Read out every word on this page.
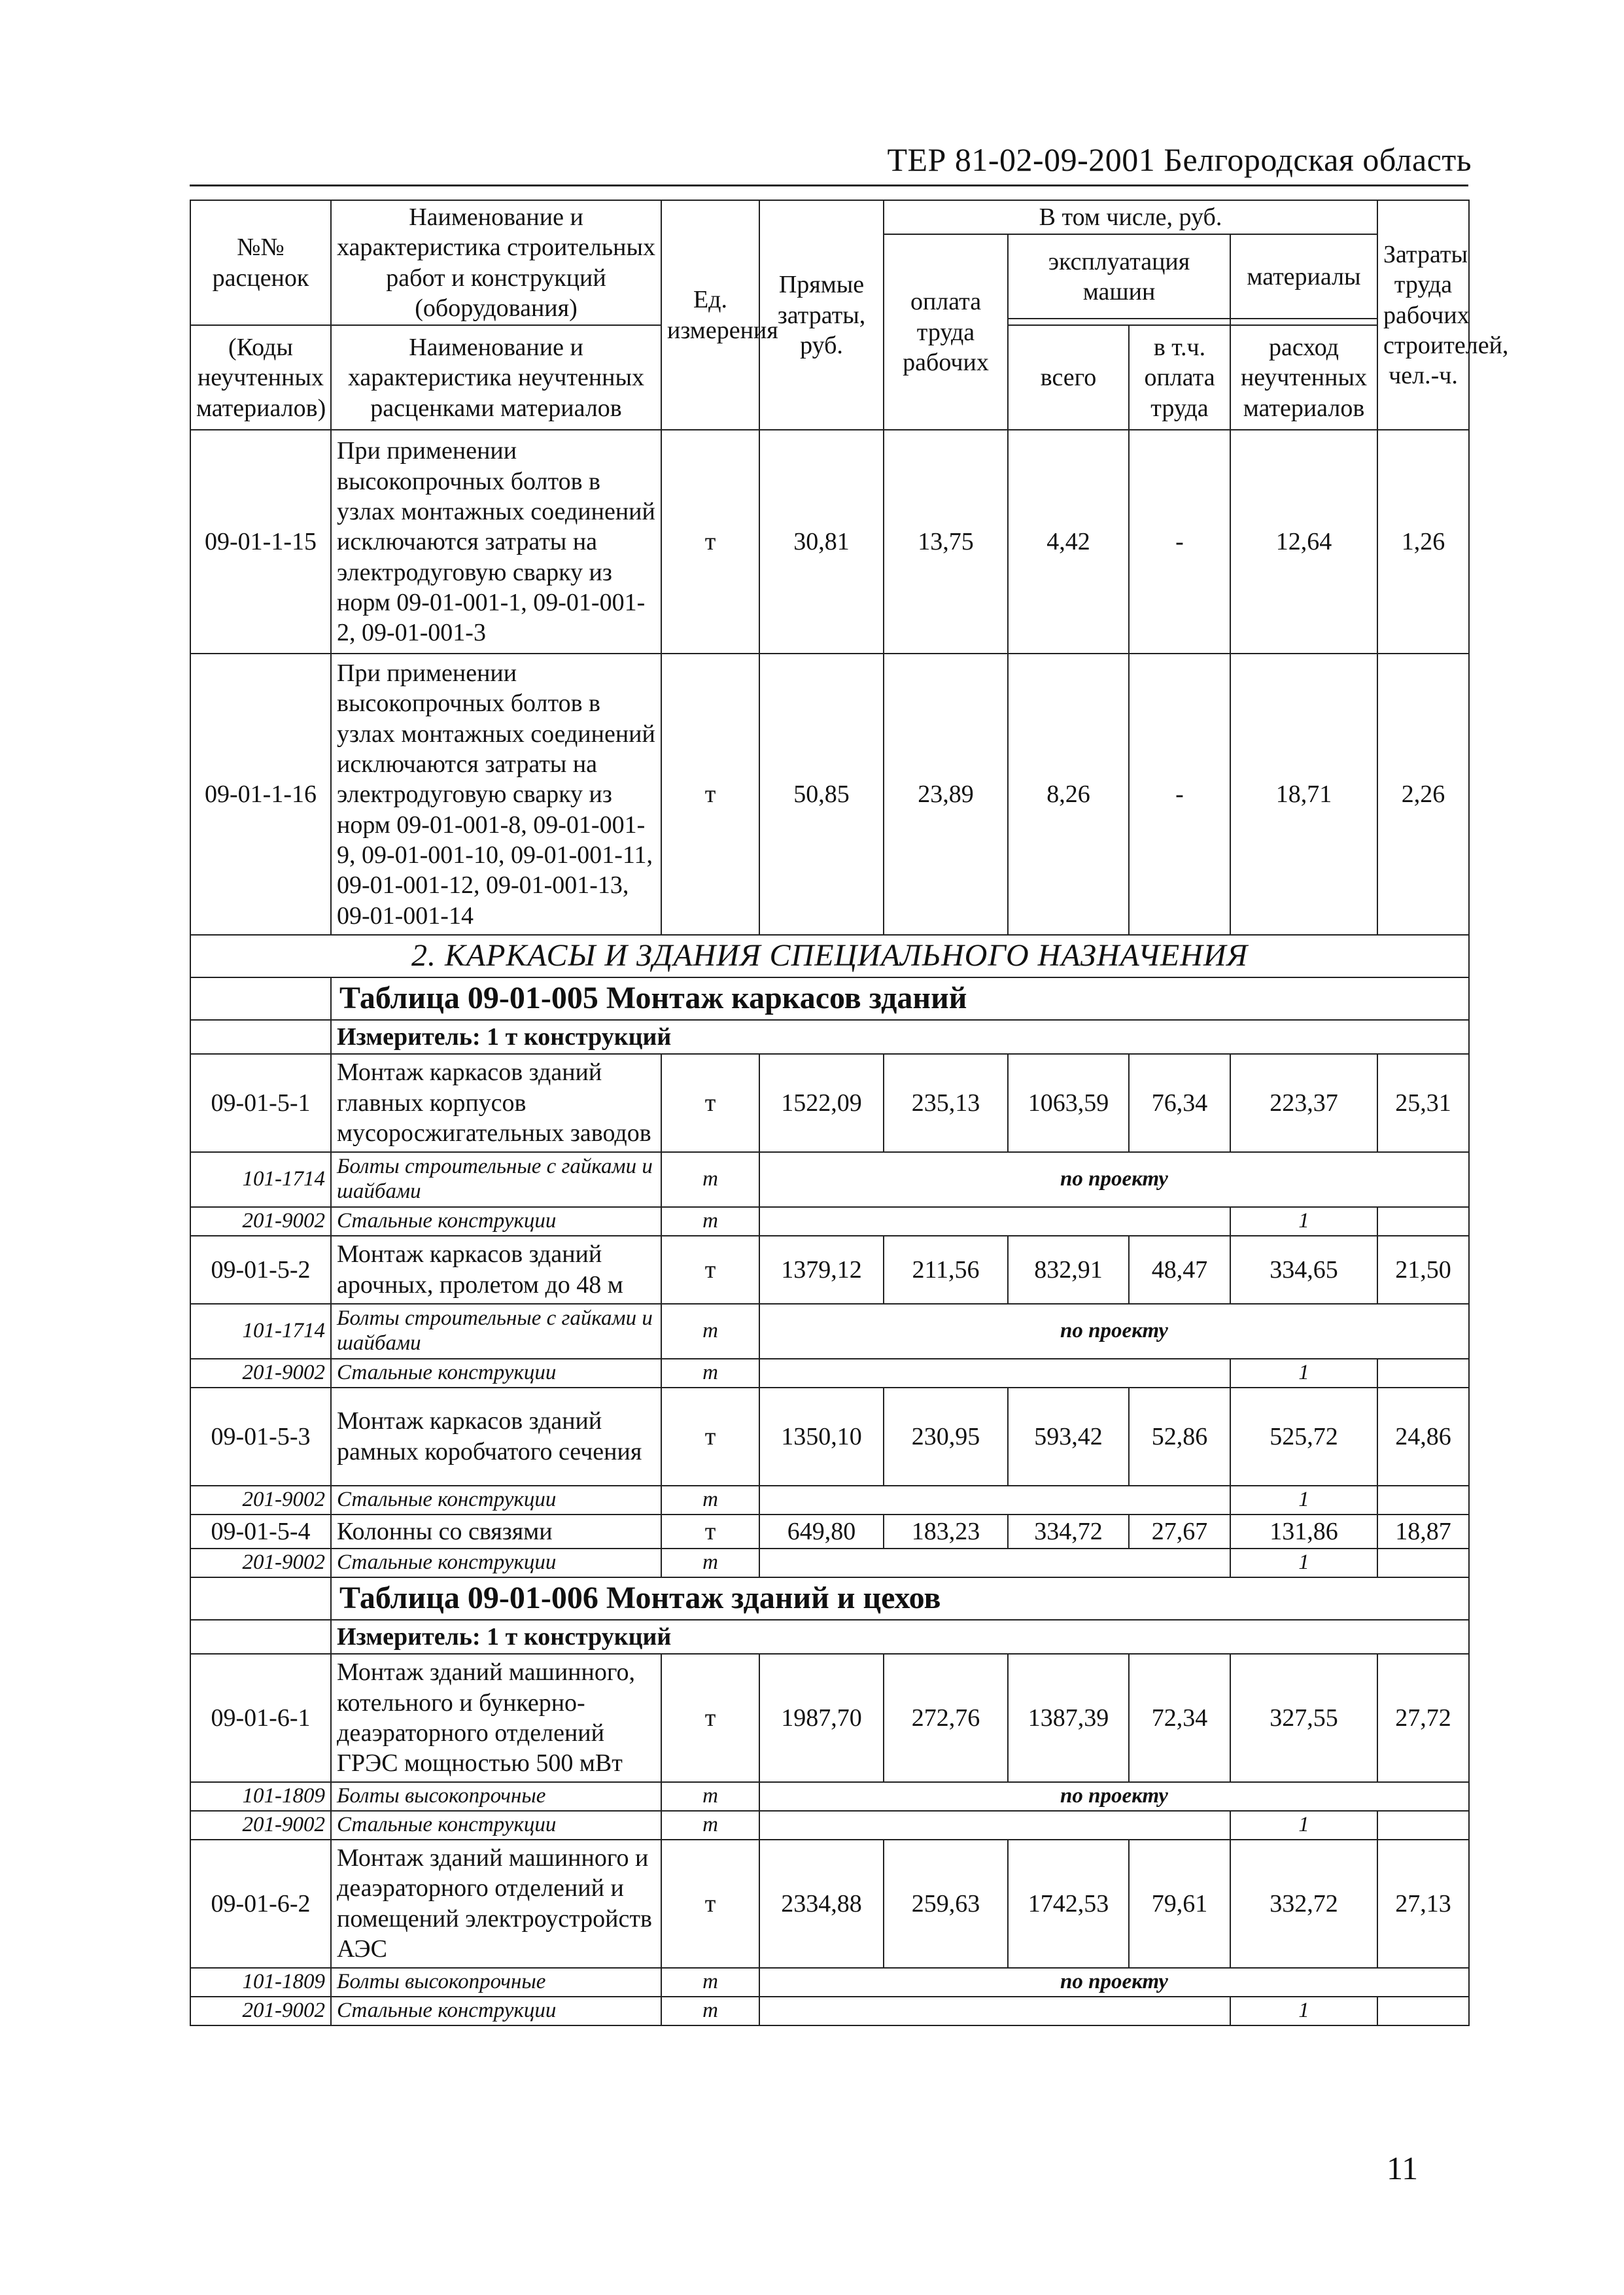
ТЕР 81-02-09-2001 Белгородская область
№№ расценок	Наименование и характеристика строительных работ и конструкций (оборудования)	Ед. измерения	Прямые затраты, руб.	В том числе, руб.				Затраты труда рабочих строителей, чел.-ч.
				оплата труда рабочих	эксплуатация машин		материалы	

(Коды неучтенных материалов)	Наименование и характеристика неучтенных расценками материалов				всего	в т.ч. оплата труда	расход неучтенных материалов	

09-01-1-15	При применении высокопрочных болтов в узлах монтажных соединений исключаются затраты на электродуговую сварку из норм 09-01-001-1, 09-01-001-2, 09-01-001-3	т	30,81	13,75	4,42	-	12,64	1,26
09-01-1-16	При применении высокопрочных болтов в узлах монтажных соединений исключаются затраты на электродуговую сварку из норм 09-01-001-8, 09-01-001-9, 09-01-001-10, 09-01-001-11, 09-01-001-12, 09-01-001-13, 09-01-001-14	т	50,85	23,89	8,26	-	18,71	2,26
2. КАРКАСЫ И ЗДАНИЯ СПЕЦИАЛЬНОГО НАЗНАЧЕНИЯ								
	Таблица 09-01-005 Монтаж каркасов зданий							
	Измеритель: 1 т конструкций							
09-01-5-1	Монтаж каркасов зданий главных корпусов мусоросжигательных заводов	т	1522,09	235,13	1063,59	76,34	223,37	25,31
101-1714	Болты строительные с гайками и шайбами	т	по проекту					
201-9002	Стальные конструкции	т					1	
09-01-5-2	Монтаж каркасов зданий арочных, пролетом до 48 м	т	1379,12	211,56	832,91	48,47	334,65	21,50
101-1714	Болты строительные с гайками и шайбами	т	по проекту					
201-9002	Стальные конструкции	т					1	
09-01-5-3	Монтаж каркасов зданий рамных коробчатого сечения	т	1350,10	230,95	593,42	52,86	525,72	24,86
201-9002	Стальные конструкции	т					1	
09-01-5-4	Колонны со связями	т	649,80	183,23	334,72	27,67	131,86	18,87
201-9002	Стальные конструкции	т					1	
	Таблица 09-01-006 Монтаж зданий и цехов							
	Измеритель: 1 т конструкций							
09-01-6-1	Монтаж зданий машинного, котельного и бункерно-деаэраторного отделений ГРЭС мощностью 500 мВт	т	1987,70	272,76	1387,39	72,34	327,55	27,72
101-1809	Болты высокопрочные	т	по проекту					
201-9002	Стальные конструкции	т					1	
09-01-6-2	Монтаж зданий машинного и деаэраторного отделений и помещений электроустройств АЭС	т	2334,88	259,63	1742,53	79,61	332,72	27,13
101-1809	Болты высокопрочные	т	по проекту					
201-9002	Стальные конструкции	т					1	
11
